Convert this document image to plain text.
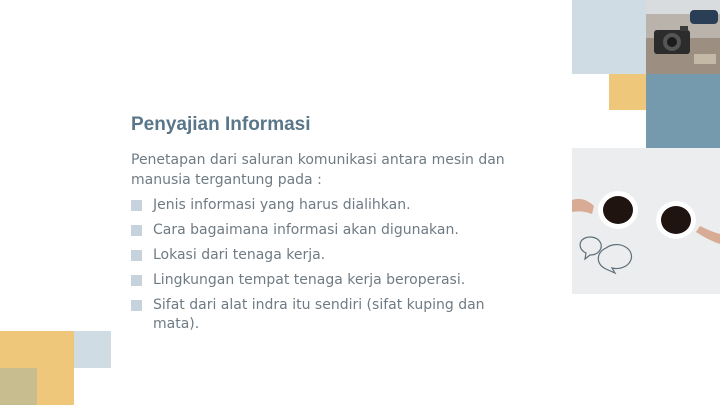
Penyajian Informasi

Penetapan dari saluran komunikasi antara mesin dan manusia tergantung pada :

Jenis informasi yang harus dialihkan.
Cara bagaimana informasi akan digunakan.
Lokasi dari tenaga kerja.
Lingkungan tempat tenaga kerja beroperasi.
Sifat dari alat indra itu sendiri (sifat kuping dan mata).
